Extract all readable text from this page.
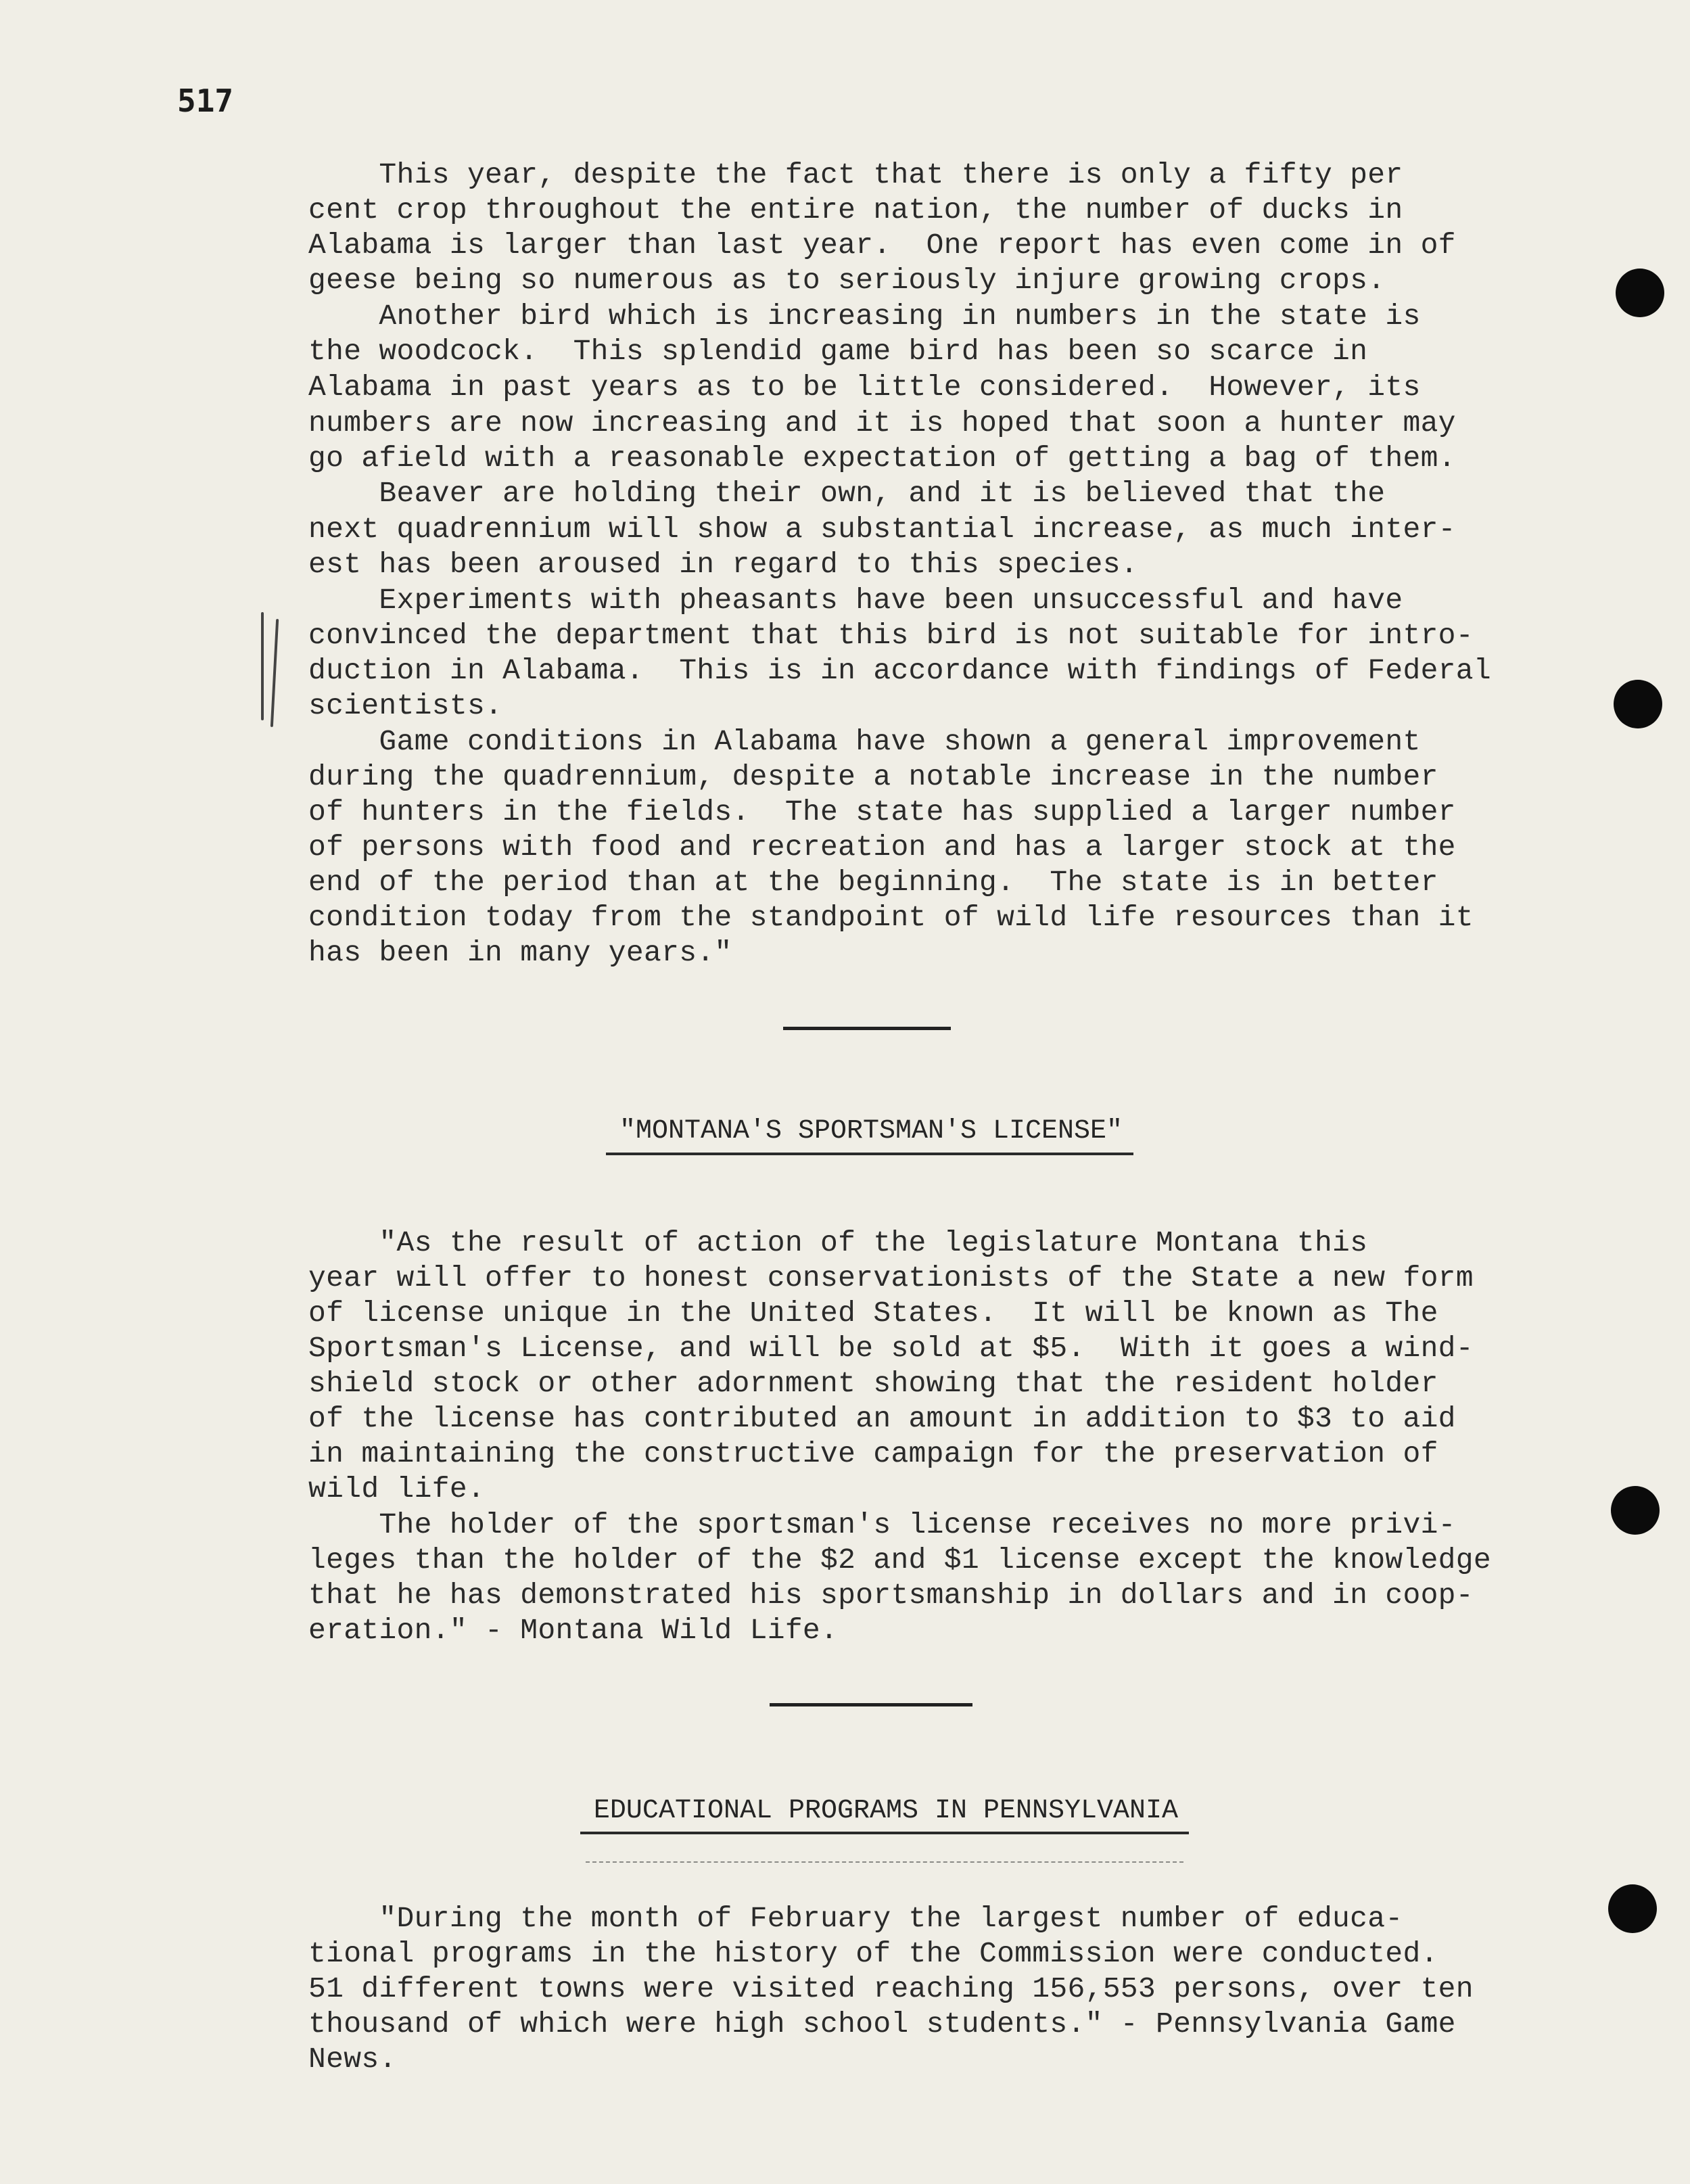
517
This year, despite the fact that there is only a fifty per
cent crop throughout the entire nation, the number of ducks in
Alabama is larger than last year.  One report has even come in of
geese being so numerous as to seriously injure growing crops.
Another bird which is increasing in numbers in the state is
the woodcock.  This splendid game bird has been so scarce in
Alabama in past years as to be little considered.  However, its
numbers are now increasing and it is hoped that soon a hunter may
go afield with a reasonable expectation of getting a bag of them.
Beaver are holding their own, and it is believed that the
next quadrennium will show a substantial increase, as much inter-
est has been aroused in regard to this species.
Experiments with pheasants have been unsuccessful and have
convinced the department that this bird is not suitable for intro-
duction in Alabama.  This is in accordance with findings of Federal
scientists.
Game conditions in Alabama have shown a general improvement
during the quadrennium, despite a notable increase in the number
of hunters in the fields.  The state has supplied a larger number
of persons with food and recreation and has a larger stock at the
end of the period than at the beginning.  The state is in better
condition today from the standpoint of wild life resources than it
has been in many years."
"MONTANA'S SPORTSMAN'S LICENSE"
"As the result of action of the legislature Montana this
year will offer to honest conservationists of the State a new form
of license unique in the United States.  It will be known as The
Sportsman's License, and will be sold at $5.  With it goes a wind-
shield stock or other adornment showing that the resident holder
of the license has contributed an amount in addition to $3 to aid
in maintaining the constructive campaign for the preservation of
wild life.
The holder of the sportsman's license receives no more privi-
leges than the holder of the $2 and $1 license except the knowledge
that he has demonstrated his sportsmanship in dollars and in coop-
eration." - Montana Wild Life.
EDUCATIONAL PROGRAMS IN PENNSYLVANIA
"During the month of February the largest number of educa-
tional programs in the history of the Commission were conducted.
51 different towns were visited reaching 156,553 persons, over ten
thousand of which were high school students." - Pennsylvania Game
News.
